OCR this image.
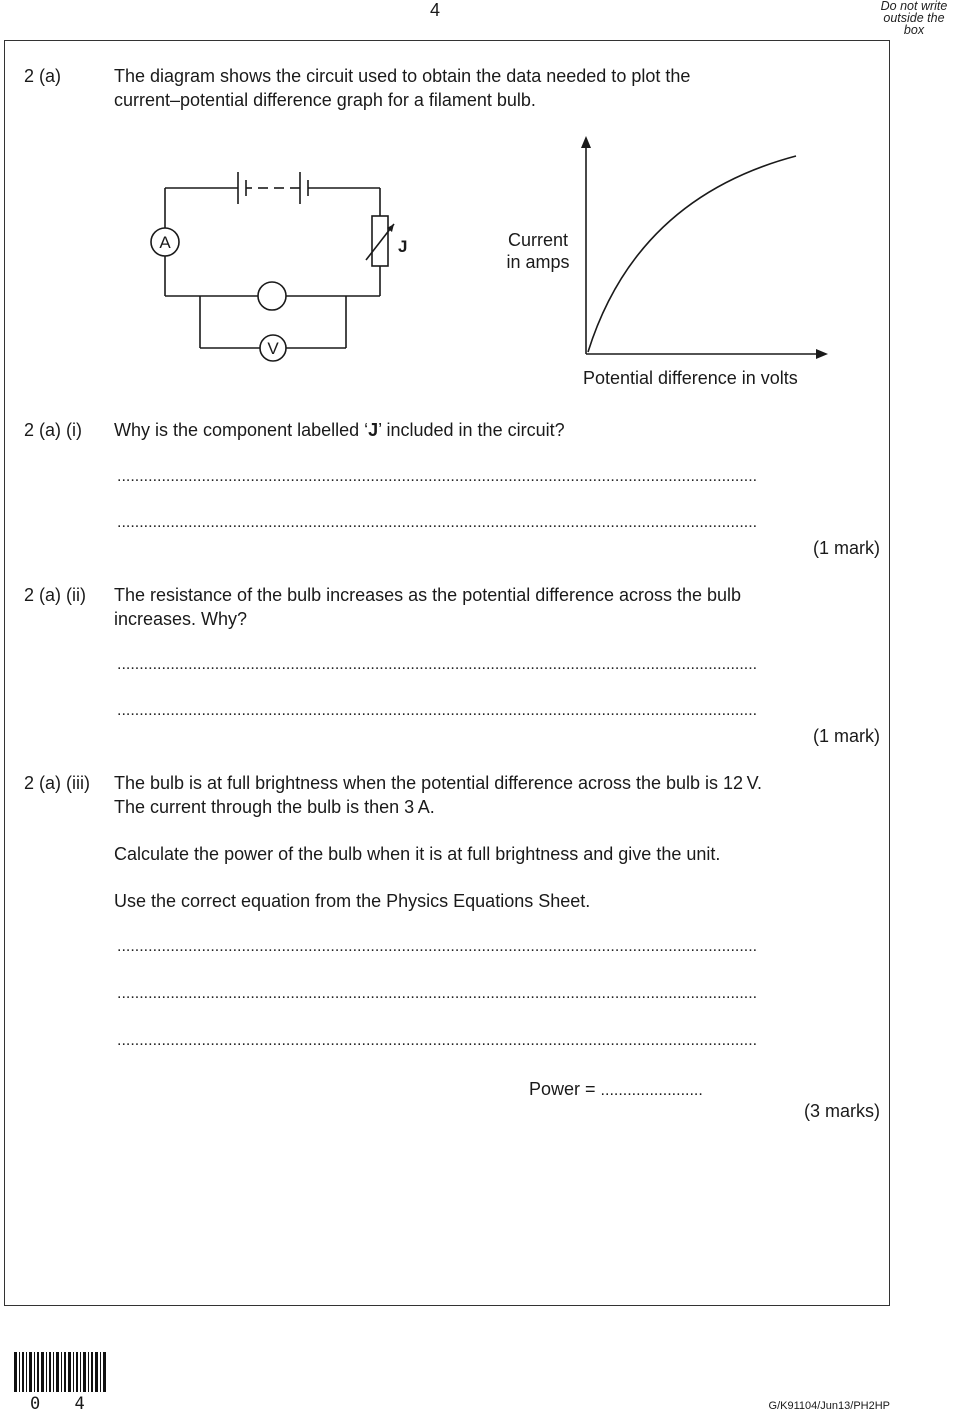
4	Do not write outside the box
2 (a)	The diagram shows the circuit used to obtain the data needed to plot the
current–potential difference graph for a filament bulb.
A
V
J	Current
in amps
Potential difference in volts
2 (a) (i) Why is the component labelled ‘J’ included in the circuit?
................................................................................................................................................
................................................................................................................................................
(1 mark)
2 (a) (ii) The resistance of the bulb increases as the potential difference across the bulb
increases. Why?
................................................................................................................................................
................................................................................................................................................
(1 mark)
2 (a) (iii) The bulb is at full brightness when the potential difference across the bulb is 12 V.
The current through the bulb is then 3 A.
Calculate the power of the bulb when it is at full brightness and give the unit.
Use the correct equation from the Physics Equations Sheet.
................................................................................................................................................
................................................................................................................................................
................................................................................................................................................
Power = .......................
(3 marks)
0 4	G/K91104/Jun13/PH2HP
